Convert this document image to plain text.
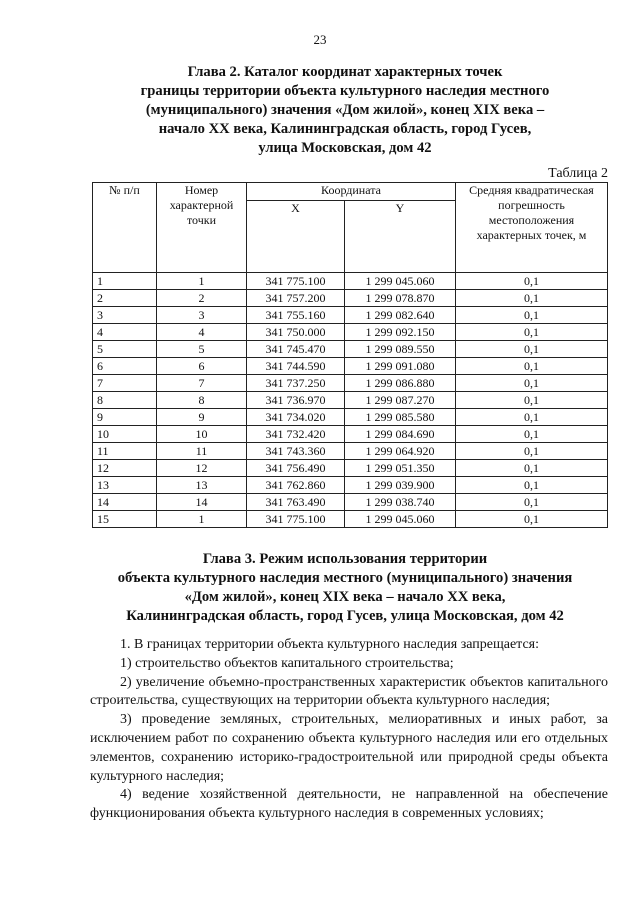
23
Глава 2. Каталог координат характерных точек
границы территории объекта культурного наследия местного
(муниципального) значения «Дом жилой», конец XIX века –
начало XX века, Калининградская область, город Гусев,
улица Московская, дом 42
Таблица 2
№ п/п	Номер характерной точки	Координата		Средняя квадратическая погрешность местоположения характерных точек, м
		X	Y	
1	1	341 775.100	1 299 045.060	0,1
2	2	341 757.200	1 299 078.870	0,1
3	3	341 755.160	1 299 082.640	0,1
4	4	341 750.000	1 299 092.150	0,1
5	5	341 745.470	1 299 089.550	0,1
6	6	341 744.590	1 299 091.080	0,1
7	7	341 737.250	1 299 086.880	0,1
8	8	341 736.970	1 299 087.270	0,1
9	9	341 734.020	1 299 085.580	0,1
10	10	341 732.420	1 299 084.690	0,1
11	11	341 743.360	1 299 064.920	0,1
12	12	341 756.490	1 299 051.350	0,1
13	13	341 762.860	1 299 039.900	0,1
14	14	341 763.490	1 299 038.740	0,1
15	1	341 775.100	1 299 045.060	0,1
Глава 3. Режим использования территории
объекта культурного наследия местного (муниципального) значения
«Дом жилой», конец XIX века – начало XX века,
Калининградская область, город Гусев, улица Московская, дом 42

1. В границах территории объекта культурного наследия запрещается:

1) строительство объектов капитального строительства;

2) увеличение объемно-пространственных характеристик объектов капитального строительства, существующих на территории объекта культурного наследия;

3) проведение земляных, строительных, мелиоративных и иных работ, за исключением работ по сохранению объекта культурного наследия или его отдельных элементов, сохранению историко-градостроительной или природной среды объекта культурного наследия;

4) ведение хозяйственной деятельности, не направленной на обеспечение функционирования объекта культурного наследия в современных условиях;
